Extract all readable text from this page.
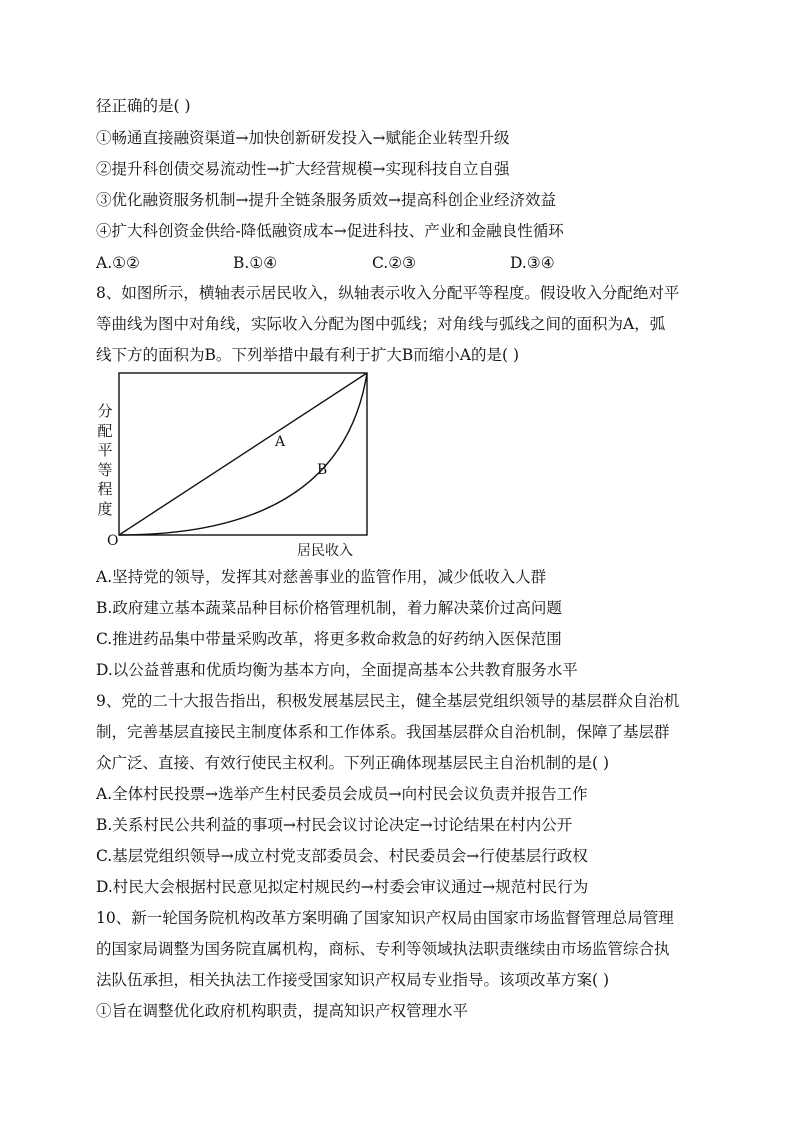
径正确的是( )
①畅通直接融资渠道→加快创新研发投入→赋能企业转型升级
②提升科创债交易流动性→扩大经营规模→实现科技自立自强
③优化融资服务机制→提升全链条服务质效→提高科创企业经济效益
④扩大科创资金供给-降低融资成本→促进科技、产业和金融良性循环
A.①②	B.①④	C.②③	D.③④
8、如图所示，横轴表示居民收入，纵轴表示收入分配平等程度。假设收入分配绝对平
等曲线为图中对角线，实际收入分配为图中弧线；对角线与弧线之间的面积为A，弧
线下方的面积为B。下列举措中最有利于扩大B而缩小A的是( )
分配平等程度
O
居民收入
A
B
A.坚持党的领导，发挥其对慈善事业的监管作用，减少低收入人群
B.政府建立基本蔬菜品种目标价格管理机制，着力解决菜价过高问题
C.推进药品集中带量采购改革，将更多救命救急的好药纳入医保范围
D.以公益普惠和优质均衡为基本方向，全面提高基本公共教育服务水平
9、党的二十大报告指出，积极发展基层民主，健全基层党组织领导的基层群众自治机
制，完善基层直接民主制度体系和工作体系。我国基层群众自治机制，保障了基层群
众广泛、直接、有效行使民主权利。下列正确体现基层民主自治机制的是( )
A.全体村民投票→选举产生村民委员会成员→向村民会议负责并报告工作
B.关系村民公共利益的事项→村民会议讨论决定→讨论结果在村内公开
C.基层党组织领导→成立村党支部委员会、村民委员会→行使基层行政权
D.村民大会根据村民意见拟定村规民约→村委会审议通过→规范村民行为
10、新一轮国务院机构改革方案明确了国家知识产权局由国家市场监督管理总局管理
的国家局调整为国务院直属机构，商标、专利等领域执法职责继续由市场监管综合执
法队伍承担，相关执法工作接受国家知识产权局专业指导。该项改革方案( )
①旨在调整优化政府机构职责，提高知识产权管理水平
